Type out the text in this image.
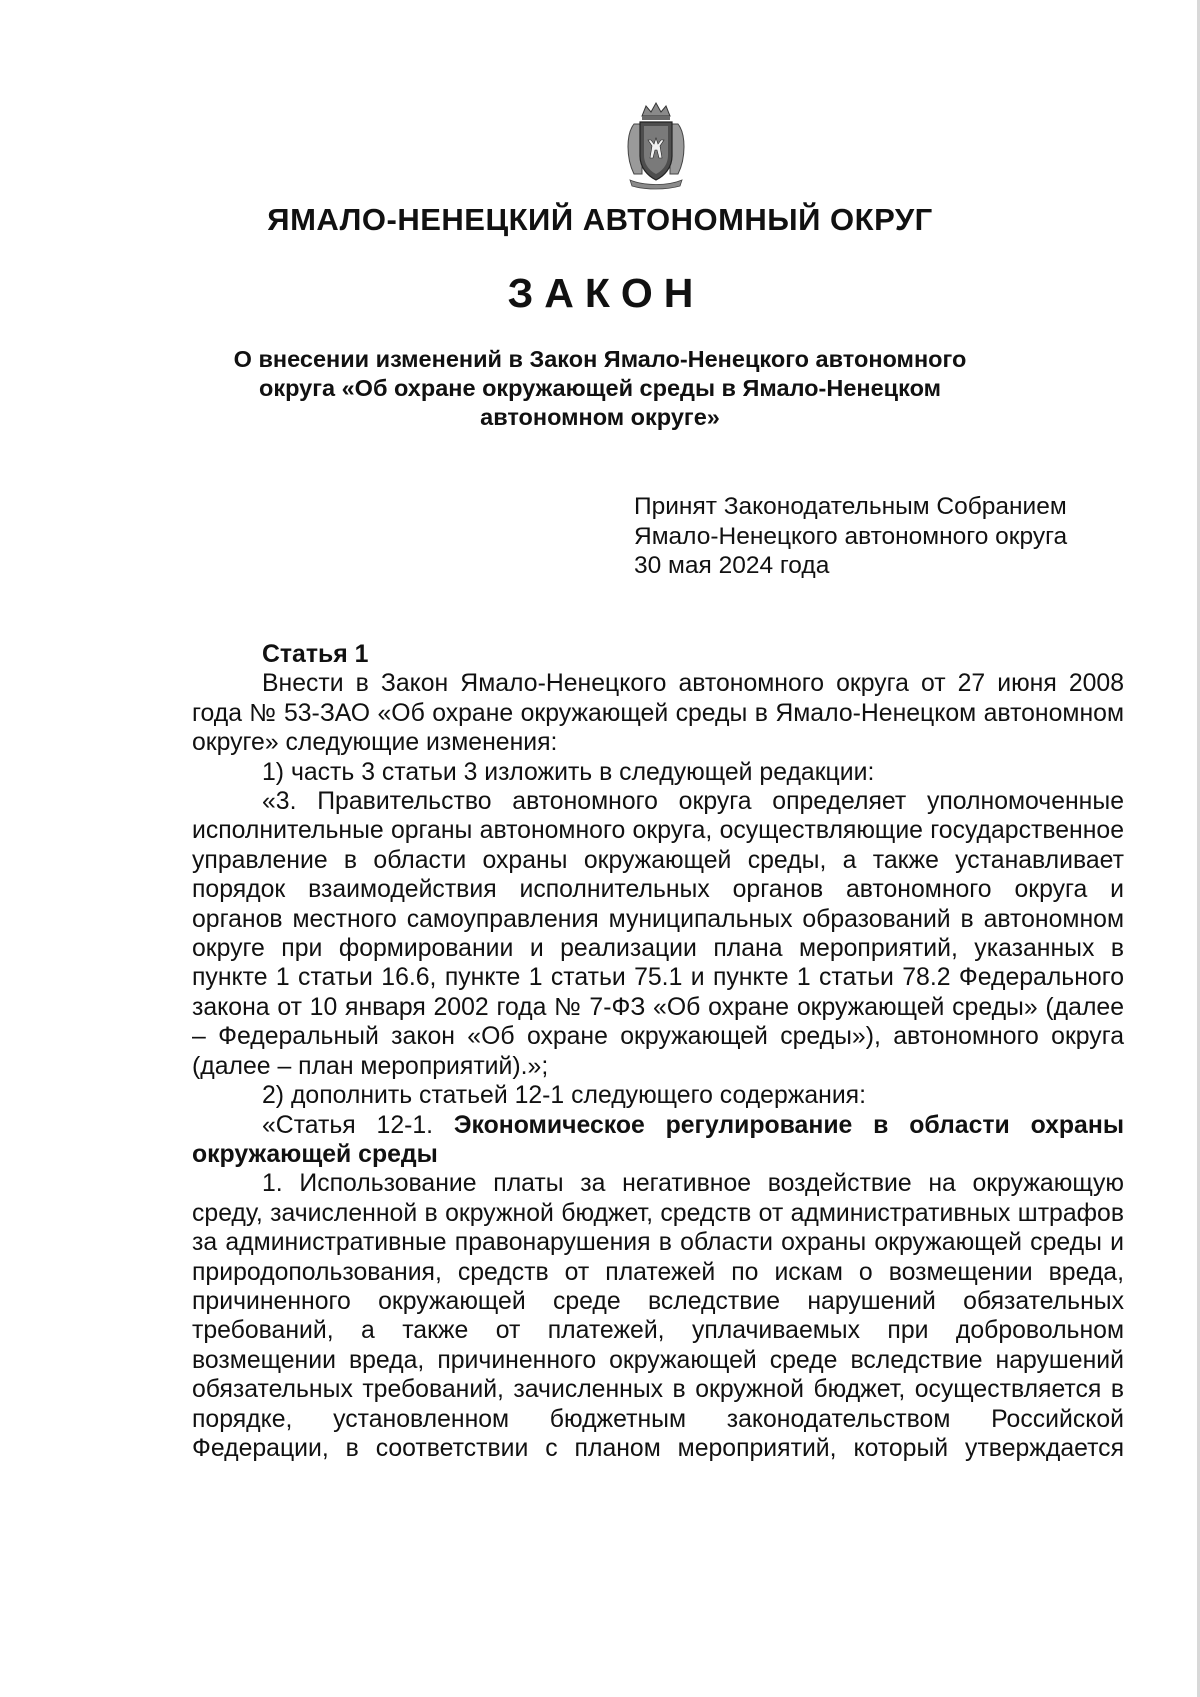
ЯМАЛО-НЕНЕЦКИЙ АВТОНОМНЫЙ ОКРУГ
ЗАКОН
О внесении изменений в Закон Ямало-Ненецкого автономного округа «Об охране окружающей среды в Ямало-Ненецком автономном округе»
Принят Законодательным Собранием
Ямало-Ненецкого автономного округа
30 мая 2024 года

Статья 1

Внести в Закон Ямало-Ненецкого автономного округа от 27 июня 2008 года № 53-ЗАО «Об охране окружающей среды в Ямало-Ненецком автономном округе» следующие изменения:

1) часть 3 статьи 3 изложить в следующей редакции:

«3. Правительство автономного округа определяет уполномоченные исполнительные органы автономного округа, осуществляющие государственное управление в области охраны окружающей среды, а также устанавливает порядок взаимодействия исполнительных органов автономного округа и органов местного самоуправления муниципальных образований в автономном округе при формировании и реализации плана мероприятий, указанных в пункте 1 статьи 16.6, пункте 1 статьи 75.1 и пункте 1 статьи 78.2 Федерального закона от 10 января 2002 года № 7-ФЗ «Об охране окружающей среды» (далее – Федеральный закон «Об охране окружающей среды»), автономного округа (далее – план мероприятий).»;

2) дополнить статьей 12-1 следующего содержания:

«Статья 12-1. Экономическое регулирование в области охраны окружающей среды

1. Использование платы за негативное воздействие на окружающую среду, зачисленной в окружной бюджет, средств от административных штрафов за административные правонарушения в области охраны окружающей среды и природопользования, средств от платежей по искам о возмещении вреда, причиненного окружающей среде вследствие нарушений обязательных требований, а также от платежей, уплачиваемых при добровольном возмещении вреда, причиненного окружающей среде вследствие нарушений обязательных требований, зачисленных в окружной бюджет, осуществляется в порядке, установленном бюджетным законодательством Российской Федерации, в соответствии с планом мероприятий, который утверждается
